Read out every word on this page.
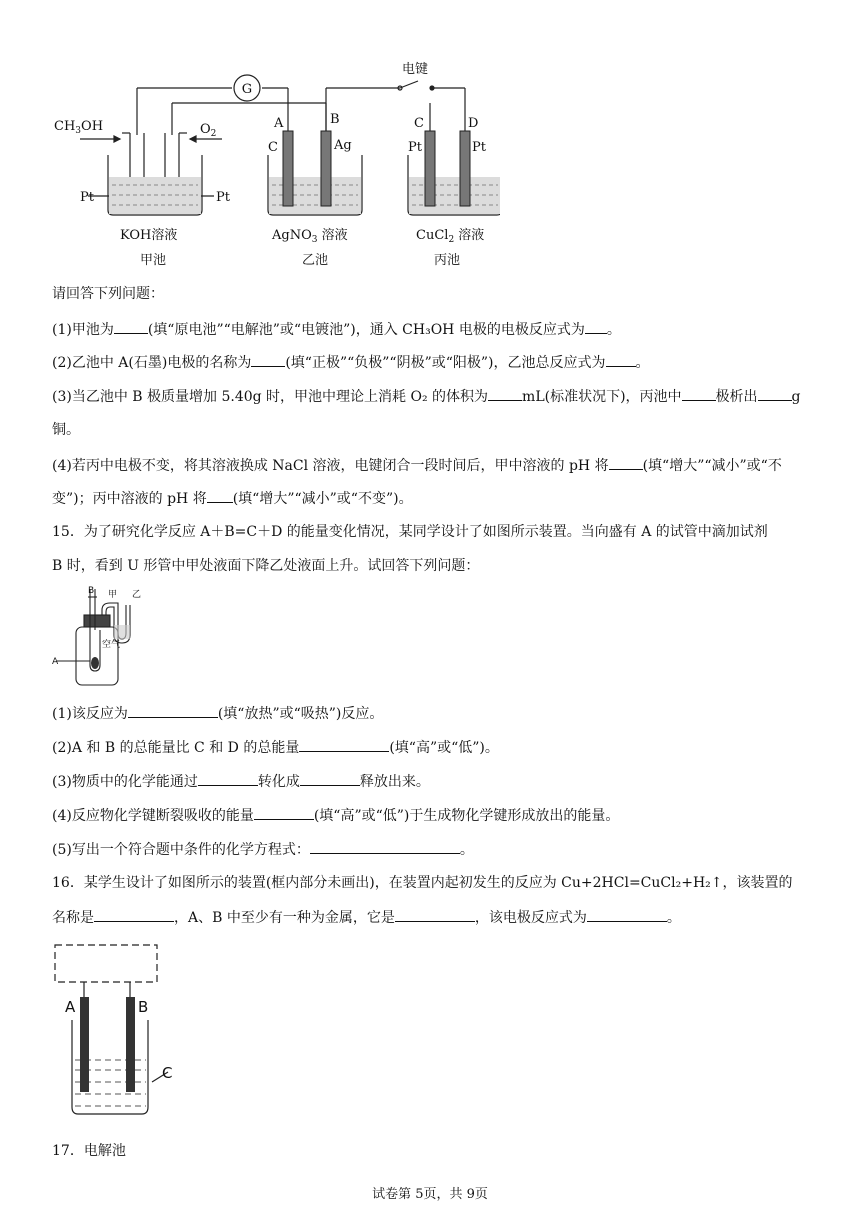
G
电键
$CH_3OH$	$O_2$
A	B	C	D
C	Ag	Pt	Pt
Pt	Pt
KOH溶液	AgNO$_3$ 溶液	CuCl$_2$ 溶液
甲池	乙池	丙池
请回答下列问题：
(1)甲池为 (填“原电池”“电解池”或“电镀池”)，通入 CH₃OH 电极的电极反应式为 。
(2)乙池中 A(石墨)电极的名称为 (填“正极”“负极”“阴极”或“阳极”)，乙池总反应式为 。
(3)当乙池中 B 极质量增加 5.40g 时，甲池中理论上消耗 O₂ 的体积为 mL(标准状况下)，丙池中 极析出 g
铜。
(4)若丙中电极不变，将其溶液换成 NaCl 溶液，电键闭合一段时间后，甲中溶液的 pH 将 (填“增大”“减小”或“不
变”)；丙中溶液的 pH 将 (填“增大”“减小”或“不变”)。
15．为了研究化学反应 A＋B=C＋D 的能量变化情况，某同学设计了如图所示装置。当向盛有 A 的试管中滴加试剂
B 时，看到 U 形管中甲处液面下降乙处液面上升。试回答下列问题：
B 甲 乙
空气
A
(1)该反应为	(填“放热”或“吸热”)反应。
(2)A 和 B 的总能量比 C 和 D 的总能量	(填“高”或“低”)。
(3)物质中的化学能通过	转化成	释放出来。
(4)反应物化学键断裂吸收的能量	(填“高”或“低”)于生成物化学键形成放出的能量。
(5)写出一个符合题中条件的化学方程式：	。
16．某学生设计了如图所示的装置(框内部分未画出)，在装置内起初发生的反应为 Cu+2HCl=CuCl₂+H₂↑，该装置的
名称是	，A、B 中至少有一种为金属，它是	，该电极反应式为	。
A	B
C
17．电解池
试卷第 5页，共 9页
